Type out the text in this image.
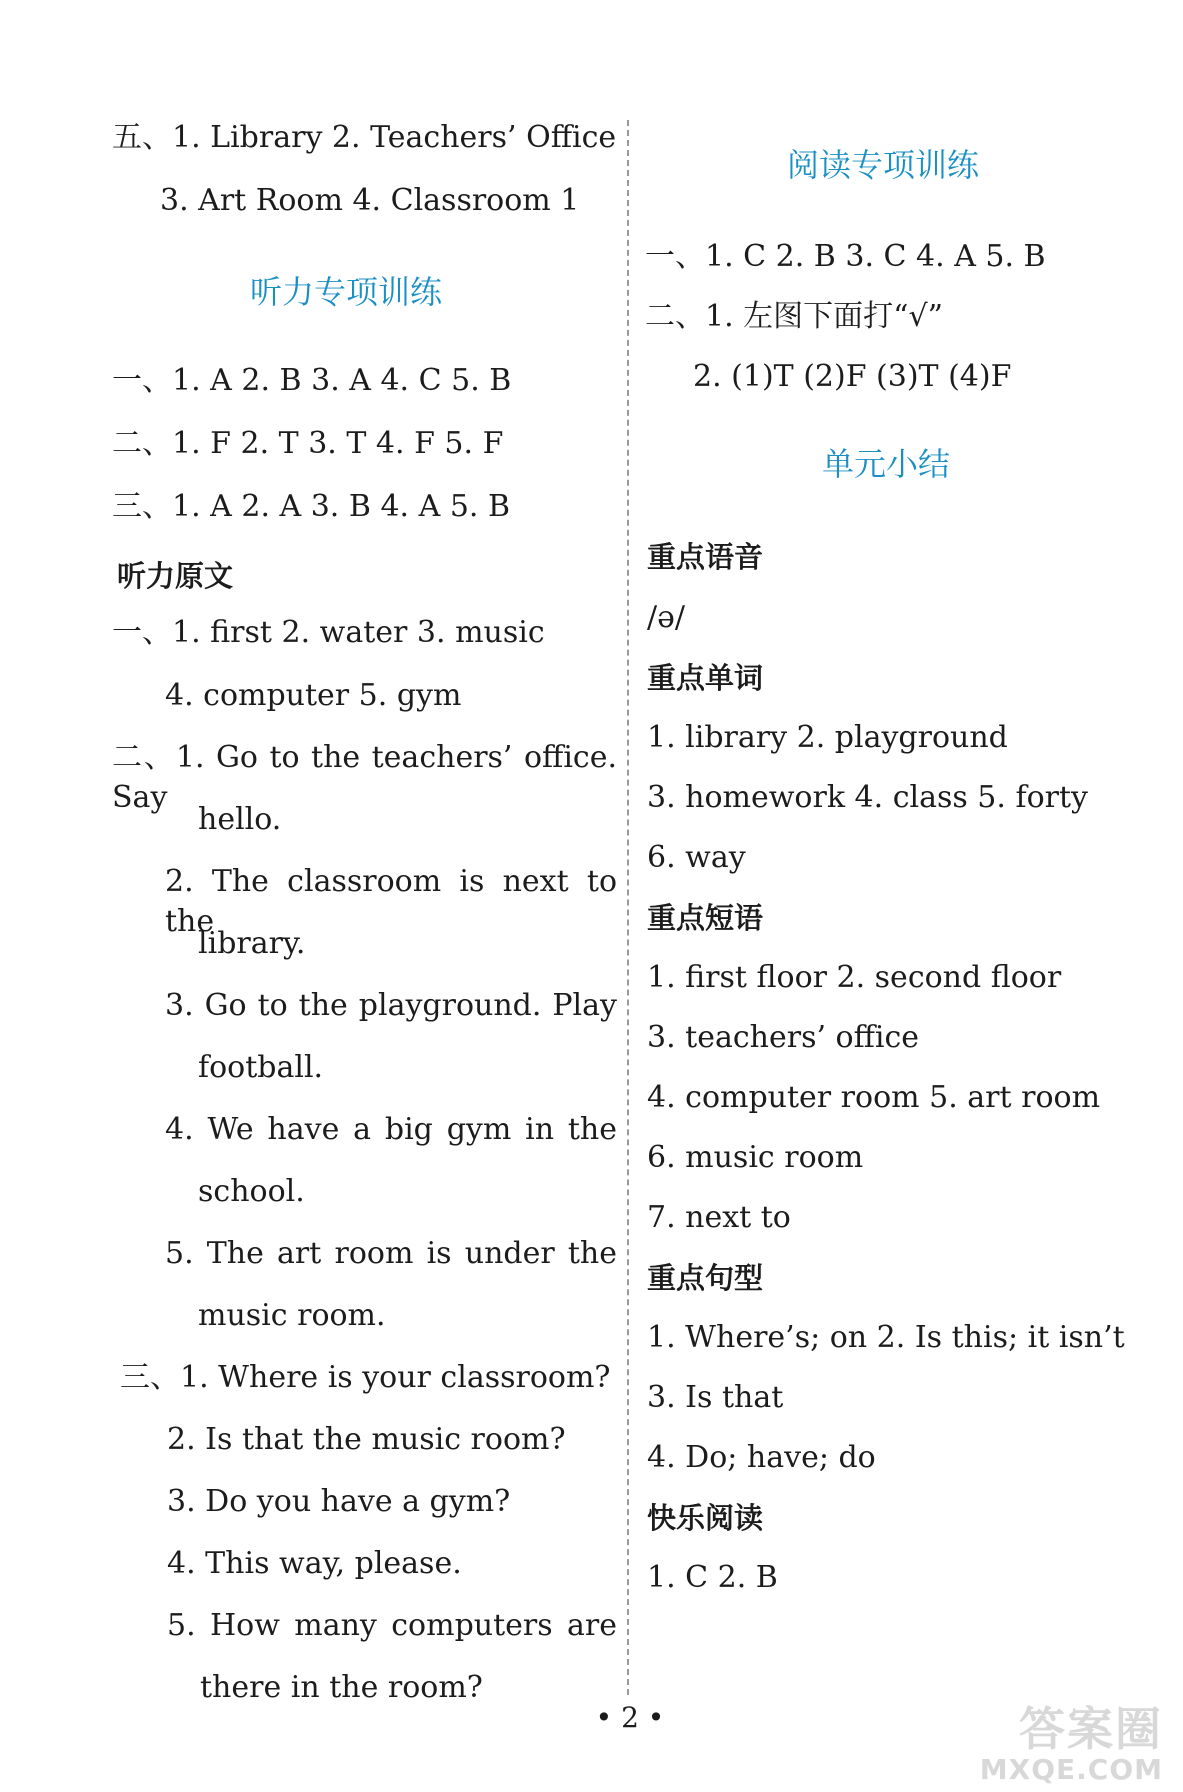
五、1. Library 2. Teachers’ Office
3. Art Room 4. Classroom 1
听力专项训练
一、1. A 2. B 3. A 4. C 5. B
二、1. F 2. T 3. T 4. F 5. F
三、1. A 2. A 3. B 4. A 5. B
听力原文
一、1. first 2. water 3. music
4. computer 5. gym
二、1. Go to the teachers’ office. Say
hello.
2. The classroom is next to the
library.
3. Go to the playground. Play
football.
4. We have a big gym in the
school.
5. The art room is under the
music room.
三、1. Where is your classroom?
2. Is that the music room?
3. Do you have a gym?
4. This way, please.
5. How many computers are
there in the room?
阅读专项训练
一、1. C 2. B 3. C 4. A 5. B
二、1. 左图下面打“√”
2. (1)T (2)F (3)T (4)F
单元小结
重点语音
/ə/
重点单词
1. library 2. playground
3. homework 4. class 5. forty
6. way
重点短语
1. first floor 2. second floor
3. teachers’ office
4. computer room 5. art room
6. music room
7. next to
重点句型
1. Where’s; on 2. Is this; it isn’t
3. Is that
4. Do; have; do
快乐阅读
1. C 2. B
• 2 •	答案圈
MXQE.COM
